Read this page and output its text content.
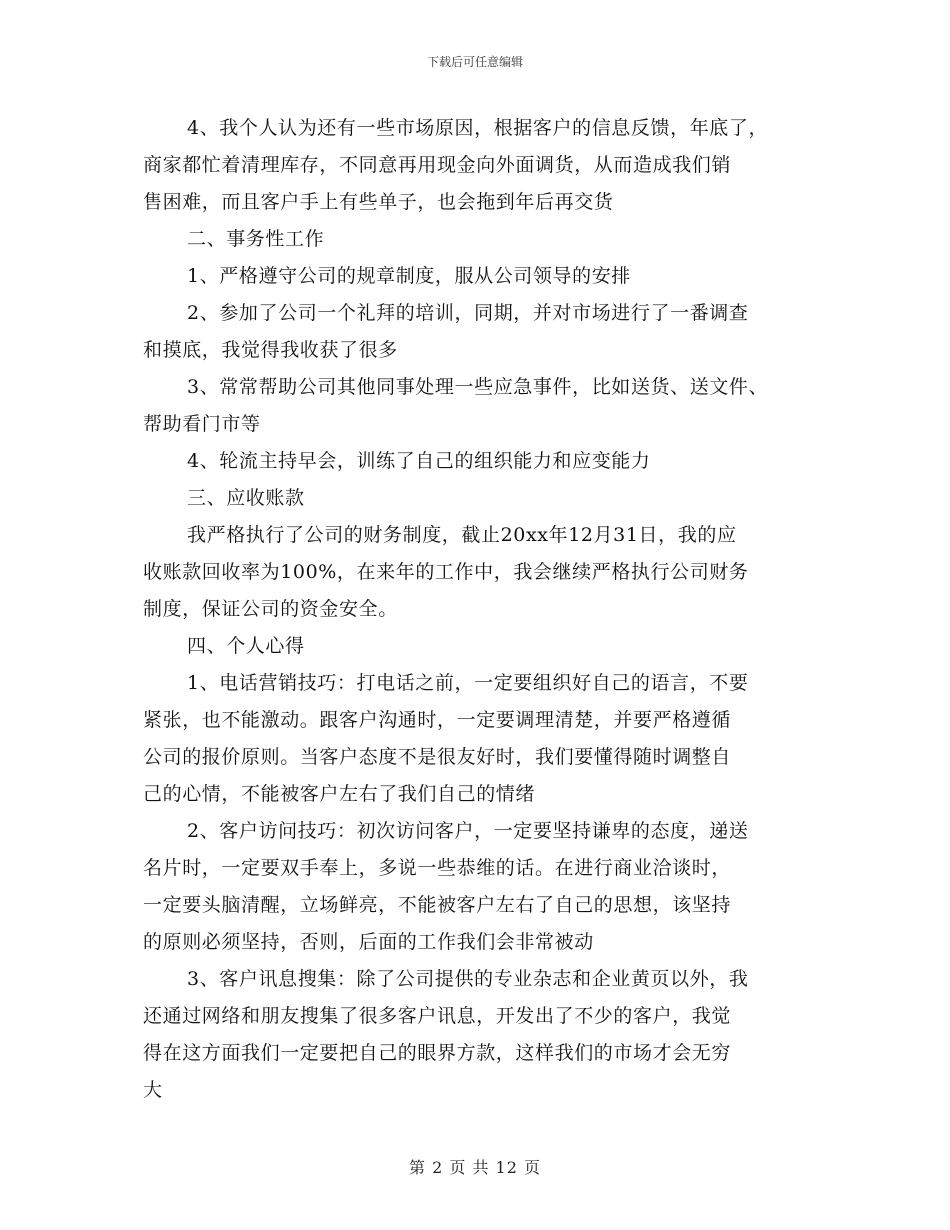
下载后可任意编辑
4、我个人认为还有一些市场原因，根据客户的信息反馈，年底了，
商家都忙着清理库存，不同意再用现金向外面调货，从而造成我们销
售困难，而且客户手上有些单子，也会拖到年后再交货
二、事务性工作
1、严格遵守公司的规章制度，服从公司领导的安排
2、参加了公司一个礼拜的培训，同期，并对市场进行了一番调查
和摸底，我觉得我收获了很多
3、常常帮助公司其他同事处理一些应急事件，比如送货、送文件、
帮助看门市等
4、轮流主持早会，训练了自己的组织能力和应变能力
三、应收账款
我严格执行了公司的财务制度，截止20xx年12月31日，我的应
收账款回收率为100%，在来年的工作中，我会继续严格执行公司财务
制度，保证公司的资金安全。
四、个人心得
1、电话营销技巧：打电话之前，一定要组织好自己的语言，不要
紧张，也不能激动。跟客户沟通时，一定要调理清楚，并要严格遵循
公司的报价原则。当客户态度不是很友好时，我们要懂得随时调整自
己的心情，不能被客户左右了我们自己的情绪
2、客户访问技巧：初次访问客户，一定要坚持谦卑的态度，递送
名片时，一定要双手奉上，多说一些恭维的话。在进行商业洽谈时，
一定要头脑清醒，立场鲜亮，不能被客户左右了自己的思想，该坚持
的原则必须坚持，否则，后面的工作我们会非常被动
3、客户讯息搜集：除了公司提供的专业杂志和企业黄页以外，我
还通过网络和朋友搜集了很多客户讯息，开发出了不少的客户，我觉
得在这方面我们一定要把自己的眼界方款，这样我们的市场才会无穷
大
第 2 页 共 12 页
